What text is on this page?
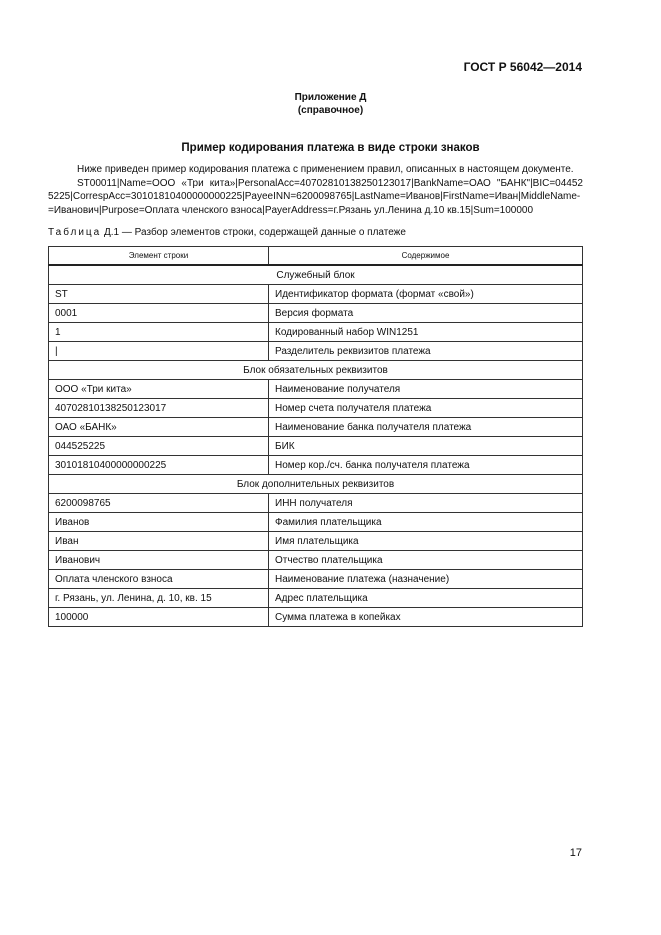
ГОСТ Р 56042—2014
Приложение Д
(справочное)
Пример кодирования платежа в виде строки знаков

Ниже приведен пример кодирования платежа с применением правил, описанных в настоящем документе.

ST00011|Name=ООО «Три кита»|PersonalAcc=40702810138250123017|BankName=ОАО "БАНК"|BIC=04452
5225|CorrespAcc=30101810400000000225|PayeeINN=6200098765|LastName=Иванов|FirstName=Иван|MiddleName-
=Иванович|Purpose=Оплата членского взноса|PayerAddress=г.Рязань ул.Ленина д.10 кв.15|Sum=100000
Таблица Д.1 — Разбор элементов строки, содержащей данные о платеже
Элемент строки	Содержимое
Служебный блок	
ST	Идентификатор формата (формат «свой»)
0001	Версия формата
1	Кодированный набор WIN1251
|	Разделитель реквизитов платежа
Блок обязательных реквизитов	
ООО «Три кита»	Наименование получателя
40702810138250123017	Номер счета получателя платежа
ОАО «БАНК»	Наименование банка получателя платежа
044525225	БИК
30101810400000000225	Номер кор./сч. банка получателя платежа
Блок дополнительных реквизитов	
6200098765	ИНН получателя
Иванов	Фамилия плательщика
Иван	Имя плательщика
Иванович	Отчество плательщика
Оплата членского взноса	Наименование платежа (назначение)
г. Рязань, ул. Ленина, д. 10, кв. 15	Адрес плательщика
100000	Сумма платежа в копейках
17
